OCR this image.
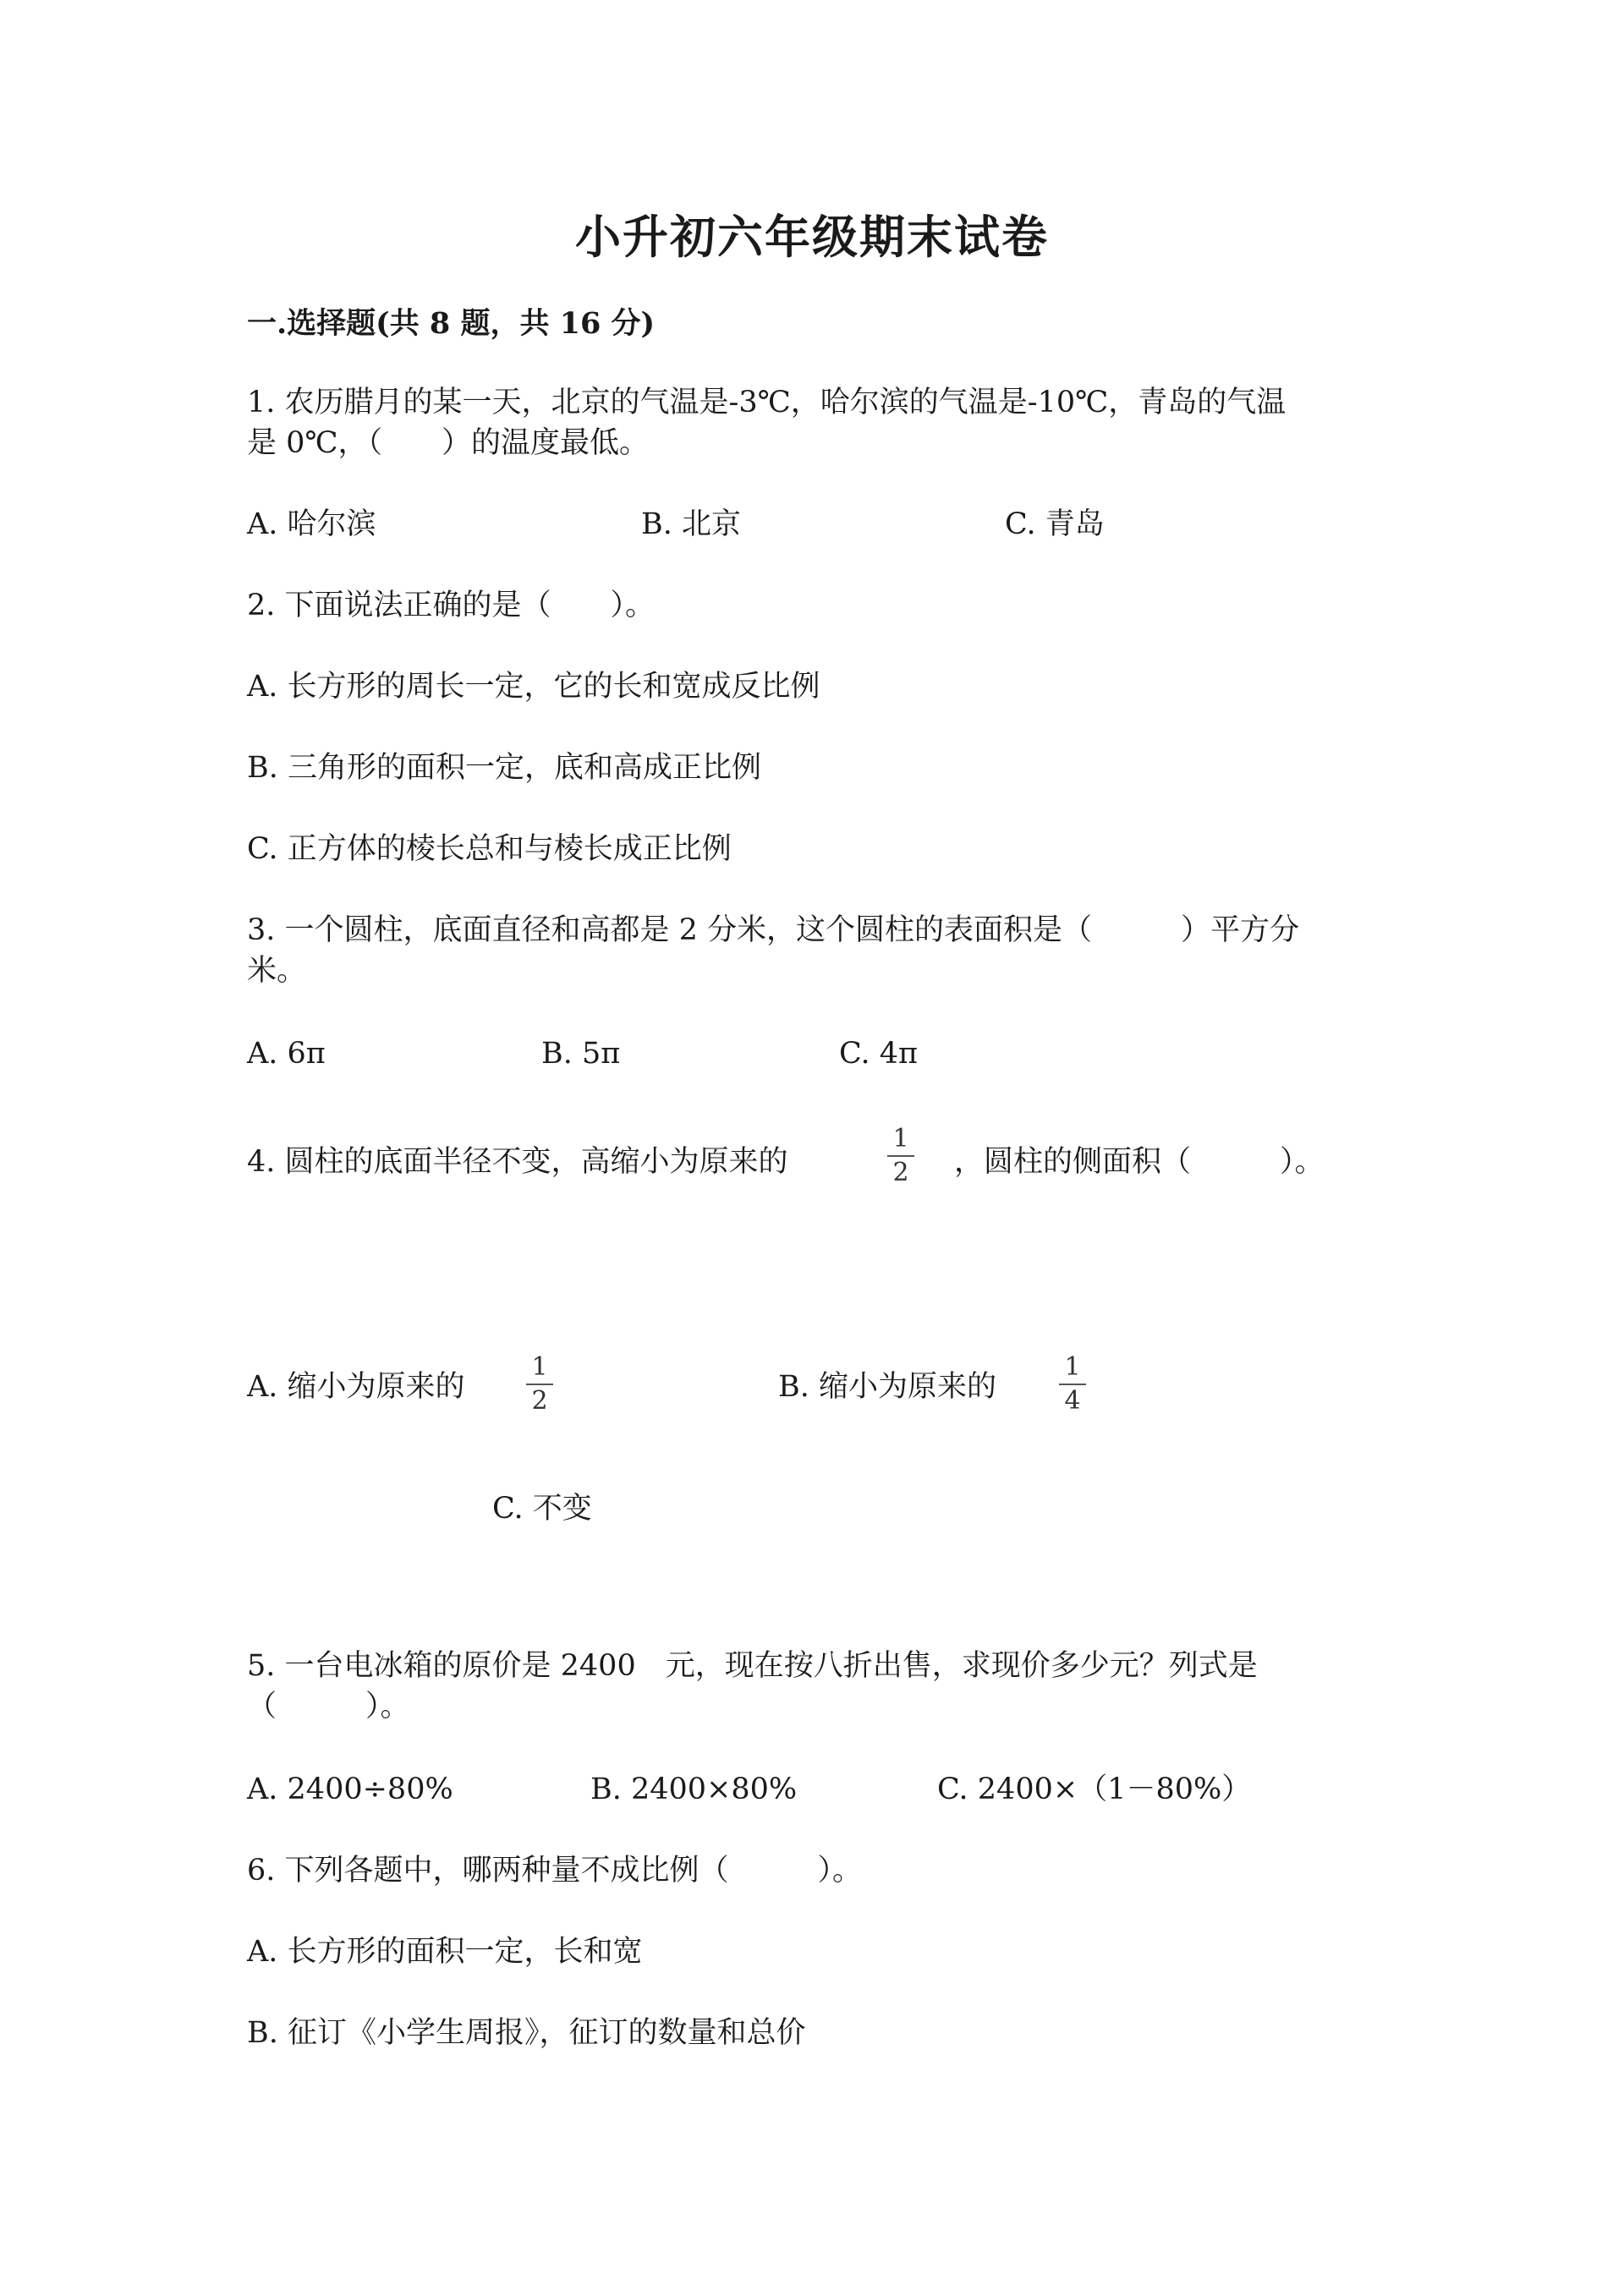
小升初六年级期末试卷
一.选择题(共 8 题，共 16 分)
1. 农历腊月的某一天，北京的气温是-3℃，哈尔滨的气温是-10℃，青岛的气温
是 0℃，（　　）的温度最低。
A. 哈尔滨	B. 北京	C. 青岛
2. 下面说法正确的是（　　）。
A. 长方形的周长一定，它的长和宽成反比例
B. 三角形的面积一定，底和高成正比例
C. 正方体的棱长总和与棱长成正比例
3. 一个圆柱，底面直径和高都是 2 分米，这个圆柱的表面积是（　　　）平方分
米。
A. 6π	B. 5π	C. 4π
4. 圆柱的底面半径不变，高缩小为原来的
1
2 ，圆柱的侧面积（　　　）。
A. 缩小为原来的
1
2	B. 缩小为原来的
1
4
C. 不变
5. 一台电冰箱的原价是 2400　元，现在按八折出售，求现价多少元？列式是
（　　　）。
A. 2400÷80%	B. 2400×80%	C. 2400×（1－80%）
6. 下列各题中，哪两种量不成比例（　　　）。
A. 长方形的面积一定，长和宽
B. 征订《小学生周报》，征订的数量和总价
